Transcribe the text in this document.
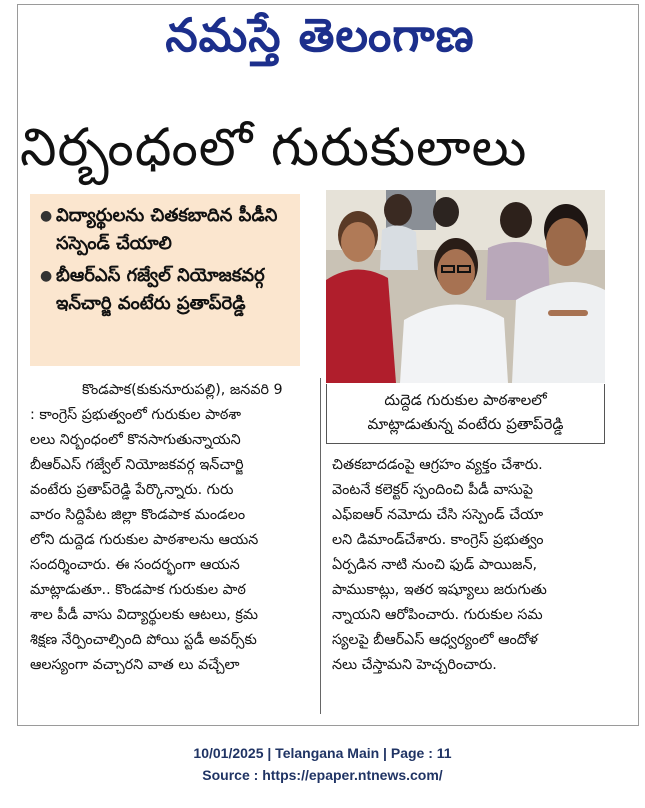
నమస్తే తెలంగాణ
నిర్బంధంలో గురుకులాలు
● విద్యార్థులను చితకబాదిన పీడీని సస్పెండ్ చేయాలి
● బీఆర్ఎస్ గజ్వేల్ నియోజకవర్గ ఇన్‌చార్జి వంటేరు ప్రతాప్‌రెడ్డి
దుద్దెడ గురుకుల పాఠశాలలో
మాట్లాడుతున్న వంటేరు ప్రతాప్‌రెడ్డి
కొండపాక(కుకునూరుపల్లి), జనవరి 9
: కాంగ్రెస్ ప్రభుత్వంలో గురుకుల పాఠశా
లలు నిర్బంధంలో కొనసాగుతున్నాయని
బీఆర్ఎస్ గజ్వేల్ నియోజకవర్గ ఇన్‌చార్జి
వంటేరు ప్రతాప్‌రెడ్డి పేర్కొన్నారు. గురు
వారం సిద్దిపేట జిల్లా కొండపాక మండలం
లోని దుద్దెడ గురుకుల పాఠశాలను ఆయన
సందర్శించారు. ఈ సందర్భంగా ఆయన
మాట్లాడుతూ.. కొండపాక గురుకుల పాఠ
శాల పీడీ వాసు విద్యార్థులకు ఆటలు, క్రమ
శిక్షణ నేర్పించాల్సింది పోయి స్టడీ అవర్స్‌కు
ఆలస్యంగా వచ్చారని వాత లు వచ్చేలా
చితకబాదడంపై ఆగ్రహం వ్యక్తం చేశారు.
వెంటనే కలెక్టర్ స్పందించి పీడీ వాసుపై
ఎఫ్ఐఆర్ నమోదు చేసి సస్పెండ్ చేయా
లని డిమాండ్‌చేశారు. కాంగ్రెస్ ప్రభుత్వం
ఏర్పడిన నాటి నుంచి ఫుడ్ పాయిజన్,
పాముకాట్లు, ఇతర ఇష్యూలు జరుగుతు
న్నాయని ఆరోపించారు. గురుకుల సమ
స్యలపై బీఆర్ఎస్ ఆధ్వర్యంలో ఆందోళ
నలు చేస్తామని హెచ్చరించారు.
10/01/2025 | Telangana Main | Page : 11
Source : https://epaper.ntnews.com/
